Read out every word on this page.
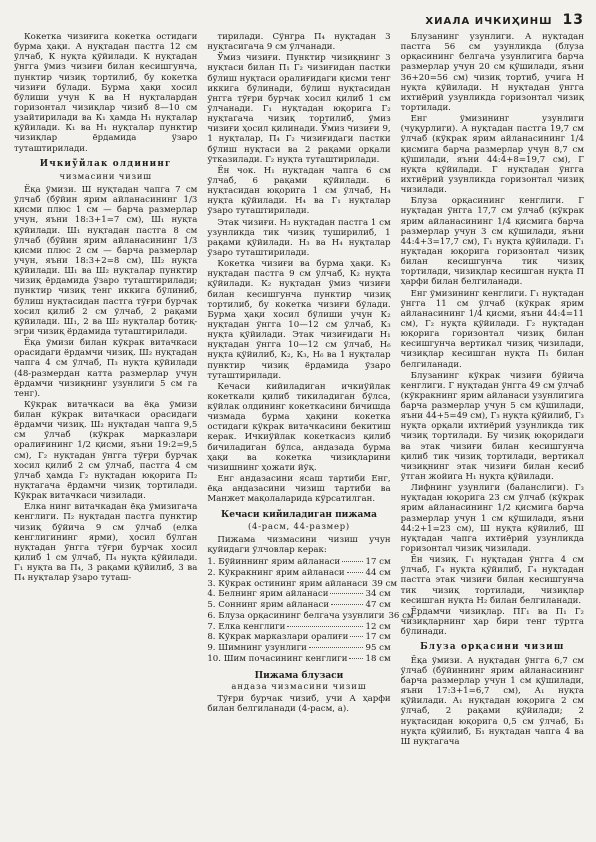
ХИАЛА ИЧКИҲИНШ 13

Кокетка чизиғига кокетка остидаги бурма ҳақи. А нуқтадан пастга 12 см ўлчаб, К нуқта қўйилади. К нуқтадан ўнгга ўмиз чизиғи билан кесишгунча, пунктир чизиқ тортилиб, бу кокетка чизиғи бўлади. Бурма ҳақи хосил бўлиши учун К ва Н нуқталардан горизонтал чизиқлар чизиб 8—10 см узайтирилади ва К₁ ҳамда Н₁ нуқталар қўйилади. К₁ ва Н₁ нуқталар пунктир чизиқлар ёрдамида ўзаро туташтирилади.

Ичкиўйлак олдининг
чизмасини чизиш

Ёқа ўмизи. Ш нуқтадан чапга 7 см ўлчаб (бўйин ярим айланасининг 1/3 қисми плюс 1 см — барча размерлар учун, яъни 18:3+1=7 см), Ш₁ нуқта қўйилади. Ш₁ нуқтадан пастга 8 см ўлчаб (бўйин ярим айланасининг 1/3 қисми плюс 2 см — барча размерлар учун, яъни 18:3+2=8 см), Ш₂ нуқта қўйилади. Ш₁ ва Ш₂ нуқталар пунктир чизиқ ёрдамида ўзаро туташтирилади; пунктир чизиқ тенг иккига бўлиниб, бўлиш нуқтасидан пастга тўғри бурчак хосил қилиб 2 см ўлчаб, 2 рақами қўйилади. Ш₁, 2 ва Ш₂ нуқталар ботиқ-эгри чизиқ ёрдамида туташтирилади.

Ёқа ўмизи билан кўкрак витачкаси орасидаги ёрдамчи чизиқ. Ш₂ нуқтадан чапга 4 см ўлчаб, П₃ нуқта қўйилади (48-размердан катта размерлар учун ёрдамчи чизиқнинг узунлиги 5 см га тенг).

Кўкрак витачкаси ва ёқа ўмизи билан кўкрак витачкаси орасидаги ёрдамчи чизиқ. Ш₂ нуқтадан чапга 9,5 см ўлчаб (кўкрак марказлари оралиғининг 1/2 қисми, яъни 19:2=9,5 см), Г₂ нуқтадан ўнгга тўғри бурчак хосил қилиб 2 см ўлчаб, пастга 4 см ўлчаб ҳамда Г₂ нуқтадан юқорига П₂ нуқтагача ёрдамчи чизиқ тортилади. Кўкрак витачкаси чизилади.

Елка нинг витачкадан ёқа ўмизигача кенглиги. П₂ нуқтадан пастга пунктир чизиқ бўйича 9 см ўлчаб (елка кенглигининг ярми), ҳосил бўлган нуқтадан ўнгга тўғри бурчак хосил қилиб 1 см ўлчаб, П₄ нуқта қўйилади. Г₁ нуқта ва П₄, 3 рақами қўйилиб, 3 ва П₄ нуқталар ўзаро туташ-

тирилади. Сўнгра П₄ нуқтадан 3 нуқтасигача 9 см ўлчанади.

Ўмиз чизиғи. Пунктир чизиқнинг 3 нуқтаси билан П₁ Г₂ чизиғидан пастки бўлиш нуқтаси оралиғидаги қисми тенг иккига бўлинади, бўлиш нуқтасидан ўнгга тўғри бурчак хосил қилиб 1 см ўлчанади. Г₁ нуқтадан юқорига Г₂ нуқтагача чизиқ тортилиб, ўмиз чизиғи ҳосил қилинади. Ўмиз чизиғи 9, 1 нуқталар, П₄ Г₂ чизиғидаги пастки бўлиш нуқтаси ва 2 рақами орқали ўтказилади. Г₂ нуқта туташтирилади.

Ён чок. Н₁ нуқтадан чапга 6 см ўлчаб, 6 рақами қўйилади. 6 нуқтасидан юқорига 1 см ўлчаб, Н₄ нуқта қўйилади. Н₄ ва Г₁ нуқталар ўзаро туташтирилади.

Этак чизиғи. Н₃ нуқтадан пастга 1 см узунликда тик чизиқ туширилиб, 1 рақами қўйилади. Н₃ ва Н₄ нуқталар ўзаро туташтирилади.

Кокетка чизиғи ва бурма ҳақи. К₃ нуқтадан пастга 9 см ўлчаб, К₂ нуқта қўйилади. К₂ нуқтадан ўмиз чизиғи билан кесишгунча пунктир чизиқ тортилиб, бу кокетка чизиғи бўлади. Бурма ҳақи хосил бўлиши учун К₂ нуқтадан ўнгга 10—12 см ўлчаб, К₃ нуқта қўйилади. Этак чизиғидаги Н₁ нуқтадан ўнгга 10—12 см ўлчаб, Н₆ нуқта қўйилиб, К₂, К₃, Н₆ ва 1 нуқталар пунктир чизиқ ёрдамида ўзаро туташтирилади.

Кечаси кийиладиган ичкиўйлак кокеткали қилиб тикиладиган бўлса, кўйлак олдининг кокеткасини бичишда чизмада бурма ҳақини кокетка остидаги кўкрак витачкасини бекитиш керак. Ичкиўйлак кокеткасиз қилиб бичиладиган бўлса, андазада бурма ҳақи ва кокетка чизиқларини чизишнинг ҳожати йўқ.

Енг андазасини ясаш тартиби Енг, ёқа андазасини чизиш тартиби ва Манжет мақолаларида кўрсатилган.

Кечаси кийиладиган пижама
(4-расм, 44-размер)

Пижама чизмасини чизиш учун қуйидаги ўлчовлар керак:

1. Бўйиннинг ярим айланаси	17 см
2. Кўкракнинг ярим айланаси 44 см
3. Кўкрак остининг ярим айланаси 39 см
4. Белнинг ярим айланаси	34 см
5. Соннинг ярим айланаси	47 см
6. Блуза орқасининг белгача узунлиги 36 см
7. Елка кенглиги	12 см
8. Кўкрак марказлари оралиғи 17 см
9. Шимнинг узунлиги	95 см
10. Шим почасининг кенглиги 18 см
Пижама блузаси
андаза чизмасини чизиш

Тўғри бурчак чизиб, учи А ҳарфи билан белгиланади (4-расм, а).

Блузанинг узунлиги. А нуқтадан пастга 56 см узунликда (блуза орқасининг белгача узунлигига барча размерлар учун 20 см қўшилади, яъни 36+20=56 см) чизиқ тортиб, учига Н нуқта қўйилади. Н нуқтадан ўнгга ихтиёрий узунликда горизонтал чизиқ тортилади.

Енг ўмизининг узунлиги (чуқурлиги). А нуқтадан пастга 19,7 см ўлчаб (кўкрак ярим айланасининг 1/4 қисмига барча размерлар учун 8,7 см қўшилади, яъни 44:4+8=19,7 см), Г нуқта қўйилади. Г нуқтадан ўнгга ихтиёрий узунликда горизонтал чизиқ чизилади.

Блуза орқасининг кенглиги. Г нуқтадан ўнгга 17,7 см ўлчаб (кўкрак ярим айланасининг 1/4 қисмига барча размерлар учун 3 см қўшилади, яъни 44:4+3=17,7 см), Г₁ нуқта қўйилади. Г₁ нуқтадан юқорига горизонтал чизиқ билан кесишгунча тик чизиқ тортилади, чизиқлар кесишган нуқта П ҳарфи билан белгиланади.

Енг ўмизининг кенглиги. Г₁ нуқтадан ўнгга 11 см ўлчаб (кўкрак ярим айланасининг 1/4 қисми, яъни 44:4=11 см), Г₂ нуқта қўйилади. Г₂ нуқтадан юқорига горизонтал чизиқ билан кесишгунча вертикал чизиқ чизилади, чизиқлар кесишган нуқта П₁ билан белгиланади.

Блузанинг кўкрак чизиғи бўйича кенглиги. Г нуқтадан ўнгга 49 см ўлчаб (кўкракнинг ярим айланаси узунлигига барча размерлар учун 5 см қўшилади, яъни 44+5=49 см), Г₃ нуқта қўйилиб, Г₃ нуқта орқали ихтиёрий узунликда тик чизиқ тортилади. Бу чизиқ юқоридаги ва этак чизиғи билан кесишгунча қилиб тик чизиқ тортилади, вертикал чизиқнинг этак чизиғи билан кесиб ўтган жойига Н₁ нуқта қўйилади.

Лифнинг узунлиги (баланслиги). Г₃ нуқтадан юқорига 23 см ўлчаб (кўкрак ярим айланасининг 1/2 қисмига барча размерлар учун 1 см қўшилади, яъни 44:2+1=23 см), Ш нуқта қўйилиб, Ш нуқтадан чапга ихтиёрий узунликда горизонтал чизиқ чизилади.

Ён чизиқ. Г₁ нуқтадан ўнгга 4 см ўлчаб, Г₄ нуқта қўйилиб, Г₄ нуқтадан пастга этак чизиғи билан кесишгунча тик чизиқ тортилади, чизиқлар кесишган нуқта Н₂ билан белгиланади.

Ёрдамчи чизиқлар. ПГ₁ ва П₁ Г₂ чизиқларнинг ҳар бири тенг тўртга бўлинади.

Блуза орқасини чизиш

Ёқа ўмизи. А нуқтадан ўнгга 6,7 см ўлчаб (бўйиннинг ярим айланасининг барча размерлар учун 1 см қўшилади, яъни 17:3+1=6,7 см), А₁ нуқта қўйилади. А₁ нуқтадан юқорига 2 см ўлчаб, 2 рақами қўйилади; 2 нуқтасидан юқорига 0,5 см ўлчаб, Б₁ нуқта қўйилиб, Б₁ нуқтадан чапга 4 ва Ш нуқтагача
